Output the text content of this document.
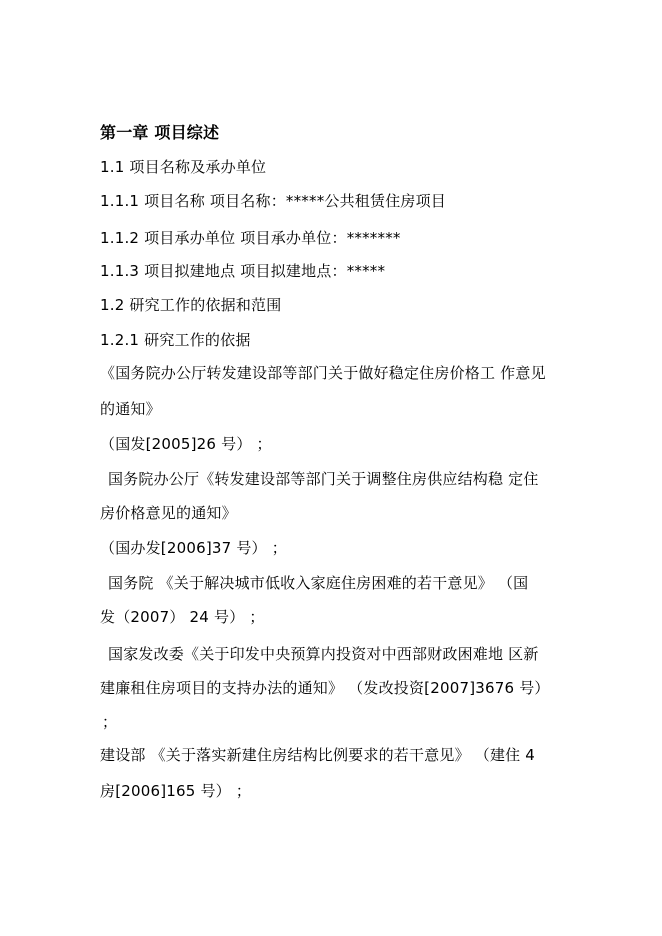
第一章 项目综述
1.1 项目名称及承办单位
1.1.1 项目名称 项目名称：*****公共租赁住房项目
1.1.2 项目承办单位 项目承办单位：*******
1.1.3 项目拟建地点 项目拟建地点：*****
1.2 研究工作的依据和范围
1.2.1 研究工作的依据
《国务院办公厅转发建设部等部门关于做好稳定住房价格工 作意见
的通知》
（国发[2005]26 号） ；
国务院办公厅《转发建设部等部门关于调整住房供应结构稳 定住
房价格意见的通知》
（国办发[2006]37 号） ；
国务院 《关于解决城市低收入家庭住房困难的若干意见》 （国
发（2007） 24 号） ；
国家发改委《关于印发中央预算内投资对中西部财政困难地 区新
建廉租住房项目的支持办法的通知》 （发改投资[2007]3676 号）
；
建设部 《关于落实新建住房结构比例要求的若干意见》 （建住 4
房[2006]165 号） ；
